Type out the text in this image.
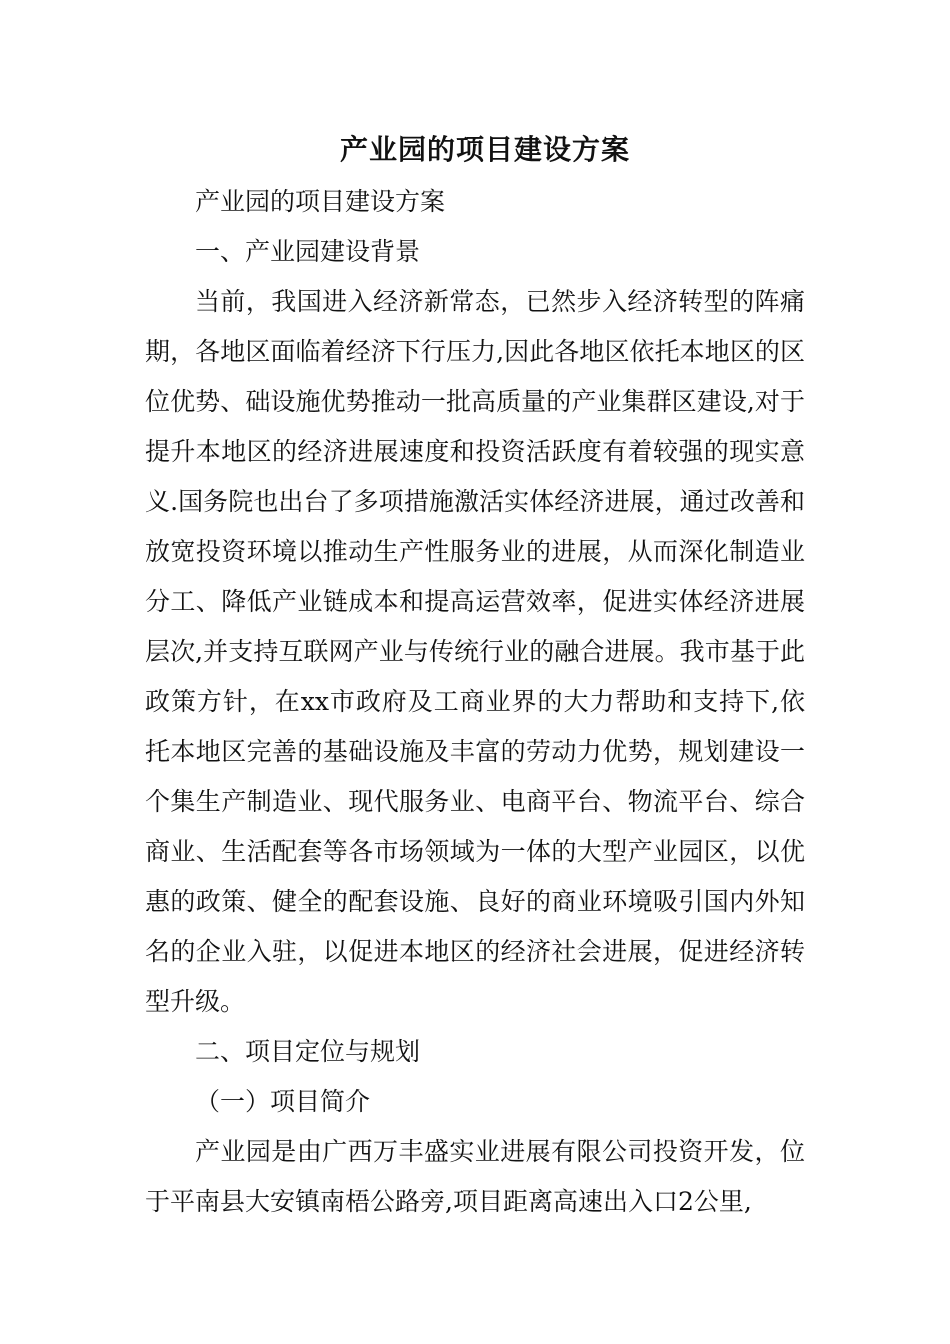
产业园的项目建设方案

产业园的项目建设方案

一、产业园建设背景

当前，我国进入经济新常态，已然步入经济转型的阵痛期，各地区面临着经济下行压力,因此各地区依托本地区的区位优势、础设施优势推动一批高质量的产业集群区建设,对于提升本地区的经济进展速度和投资活跃度有着较强的现实意义.国务院也出台了多项措施激活实体经济进展，通过改善和放宽投资环境以推动生产性服务业的进展，从而深化制造业分工、降低产业链成本和提高运营效率，促进实体经济进展层次,并支持互联网产业与传统行业的融合进展。我市基于此政策方针，在xx市政府及工商业界的大力帮助和支持下,依托本地区完善的基础设施及丰富的劳动力优势，规划建设一个集生产制造业、现代服务业、电商平台、物流平台、综合商业、生活配套等各市场领域为一体的大型产业园区，以优惠的政策、健全的配套设施、良好的商业环境吸引国内外知名的企业入驻，以促进本地区的经济社会进展，促进经济转型升级。

二、项目定位与规划

（一）项目简介

产业园是由广西万丰盛实业进展有限公司投资开发，位于平南县大安镇南梧公路旁,项目距离高速出入口2公里,
